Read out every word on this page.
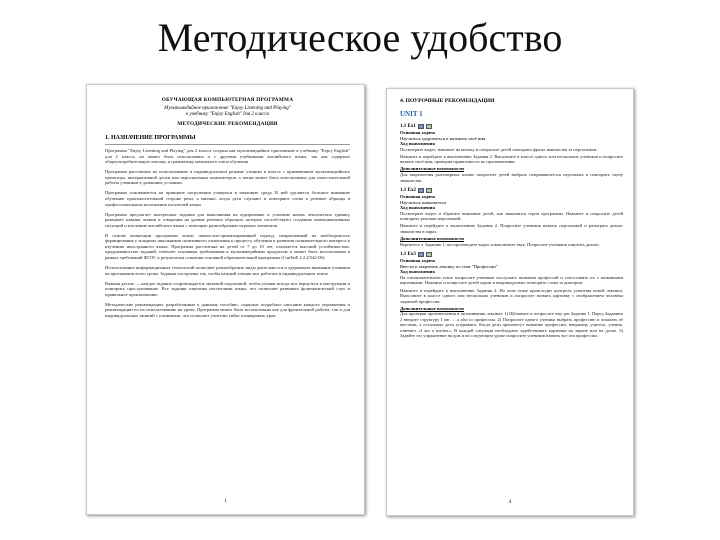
Методическое удобство
ОБУЧАЮЩАЯ КОМПЬЮТЕРНАЯ ПРОГРАММА
Мультимедийное приложение "Enjoy Listening and Playing"
к учебнику "Enjoy English" для 2 класса
МЕТОДИЧЕСКИЕ РЕКОМЕНДАЦИИ
1. НАЗНАЧЕНИЕ ПРОГРАММЫ
Программа "Enjoy Listening and Playing" для 2 класса создана как мультимедийное приложение к учебнику "Enjoy English" для 2 класса, но может быть использована и с другими учебниками английского языка, так как содержит общеупотребительную лексику и грамматику начального этапа обучения.
Программа рассчитана на использование в индивидуальном режиме ученика в классе с применением мультимедийного проектора, интерактивной доски или персональных компьютеров, а также может быть использована для самостоятельной работы учеников в домашних условиях.
Программа основывается на принципе погружения учащихся в языковую среду. В ней уделяется большое внимание обучению произносительной стороне речи, а именно, когда дети слушают и повторяют слова и речевые образцы в профессиональном исполнении носителей языка.
Программа предлагает интересные задания для выполнения на аудирование и усвоение новых лексических единиц, развивает навыки чтения и говорения на уровне речевых образцов, которые способствуют созданию коммуникативных ситуаций и изучению английского языка с помощью разнообразных игровых элементов.
В основе концепции программы лежит личностно-ориентированный подход, направленный на необходимость формирования у младших школьников позитивного отношения к процессу обучения и развития познавательного интереса к изучению иностранного языка. Программа рассчитана на детей от 7 до 10 лет, отличается высокой устойчивостью, продуманностью заданий, отвечает основным требованиям к мультимедийным продуктам и может быть использована в рамках требований ФГОС к результатам освоения основной образовательной программы (CanEnE 2.2.2/542-06).
Использование информационных технологий позволяет разнообразить виды деятельности и удерживать внимание учеников на протяжении всего урока. Задания построены так, чтобы каждый ученик мог работать в индивидуальном темпе.
Важная деталь — каждое задание сопровождается звуковой подсказкой, чтобы ученик всегда мог вернуться к инструкции и повторить прослушивание. Все задания озвучены носителями языка, что позволяет развивать фонематический слух и правильное произношение.
Методические рекомендации, разработанные к данному пособию, содержат подробное описание каждого упражнения и рекомендации по их использованию на уроке. Программа может быть использована как для фронтальной работы, так и для индивидуальных занятий с учениками, что позволяет учителю гибко планировать урок.
1
4. ПОУРОЧНЫЕ РЕКОМЕНДАЦИИ
UNIT 1
1.1 Ex1
Основная задача
Научиться здороваться и называть своё имя
Ход выполнения
Посмотрите видео, нажмите на кнопку и попросите детей повторить фразы знакомства за персонажем.
Нажмите и перейдите к выполнению Задания 2. Выполните в классе одного или нескольких учеников и попросите назвать своё имя, проверив правильность их произношения.
Дополнительные возможности
Для закрепления разговорных клише попросите детей выбрать понравившегося персонажа и повторить сцену знакомства.
1.1 Ex2
Основная задача
Научиться знакомиться
Ход выполнения
Посмотрите видео и обратите внимание детей, как знакомятся герои программы. Нажмите и попросите детей повторить реплики персонажей.
Нажмите и перейдите к выполнению Задания 2. Попросите учеников назвать персонажей и разыграть диалог знакомства в парах.
Дополнительные возможности
Вернитесь к Заданию 1, воспроизведите видео и выключите звук. Попросите учеников озвучить диалог.
1.1 Ex3
Основная задача
Ввести и закрепить лексику по теме "Профессии"
Ход выполнения
На ознакомительном этапе попросите учеников послушать названия профессий и сопоставить их с названиями картинками. Нажмите и попросите детей хором и индивидуально повторить слова за диктором.
Нажмите и перейдите к выполнению Задания 2. На этом этапе происходит контроль усвоения новой лексики. Выполните в классе одного или нескольких учеников и попросите назвать картинку с изображением человека заданной профессии.
Дополнительные возможности
Для проверки произношения и запоминания лексики: 1) Щёлкните и попросите еще раз Задание 1. Перед Заданием 2 введите структуру I am … а also to профессия. 2) Попросите одного ученика выбрать профессию и показать её жестами, а остальные дети угадывают. Когда дети произнесут название профессии, например, учитель, ученик, отвечает «I am a teacher». В каждой ситуации необходимо задействовать картинки на экране или на доске. 3) Задайте это упражнение на дом и на следующем уроке попросите учеников назвать все эти профессии.
4
